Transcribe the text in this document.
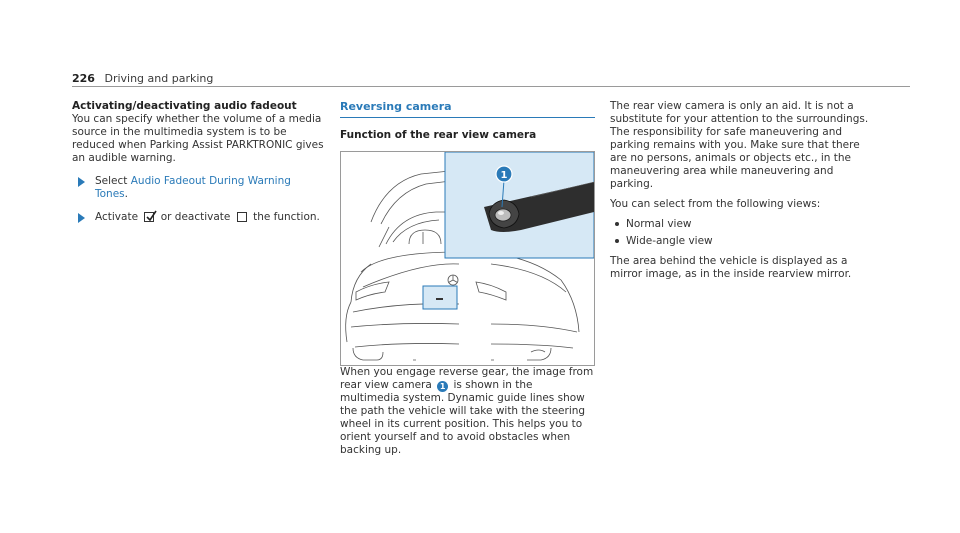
226 Driving and parking

Activating/deactivating audio fadeout

You can specify whether the volume of a media source in the multimedia system is to be reduced when Parking Assist PARKTRONIC gives an audible warning.

Select Audio Fadeout During Warning Tones.
Activate or deactivate the function.
Reversing camera
Function of the rear view camera
1

When you engage reverse gear, the image from rear view camera 1 is shown in the multimedia system. Dynamic guide lines show the path the vehicle will take with the steering wheel in its current position. This helps you to orient yourself and to avoid obstacles when backing up.

The rear view camera is only an aid. It is not a substitute for your attention to the surroundings. The responsibility for safe maneuvering and parking remains with you. Make sure that there are no persons, animals or objects etc., in the maneuvering area while maneuvering and parking.

You can select from the following views:

Normal view
Wide-angle view

The area behind the vehicle is displayed as a mirror image, as in the inside rearview mirror.
